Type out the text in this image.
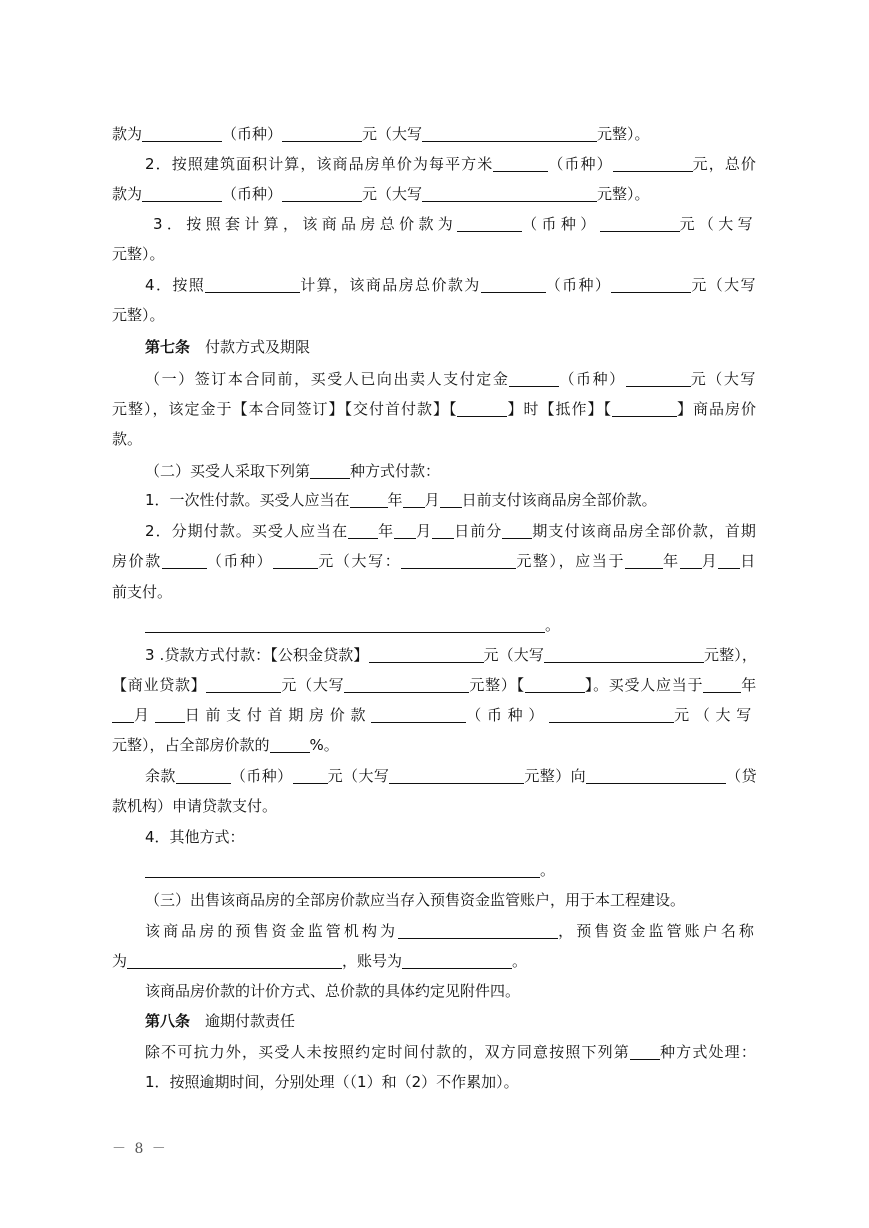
款为	（币种）	元（大写	元整）。
2．按照建筑面积计算，该商品房单价为每平方米	（币种）	元，总价
款为	（币种）	元（大写	元整）。
3．按照套计算，该商品房总价款为	（币种）	元（大写
元整）。
4．按照	计算，该商品房总价款为	（币种）	元（大写
元整）。
第七条　付款方式及期限
（一）签订本合同前，买受人已向出卖人支付定金	（币种）	元（大写
元整），该定金于【本合同签订】【交付首付款】【	】时【抵作】【	】商品房价
款。
（二）买受人采取下列第	种方式付款：
1．一次性付款。买受人应当在	年 月 日前支付该商品房全部价款。
2．分期付款。买受人应当在 年 月 日前分 期支付该商品房全部价款，首期
房价款	（币种）	元（大写：	元整），应当于	年 月 日
前支付。
。
3 .贷款方式付款：【公积金贷款】	元（大写	元整），
【商业贷款】	元（大写	元整）【	】。买受人应当于	年
月 日前支付首期房价款	（币种）	元（大写
元整），占全部房价款的	%。
余款	（币种） 元（大写	元整）向	（贷
款机构）申请贷款支付。
4．其他方式：
。
（三）出售该商品房的全部房价款应当存入预售资金监管账户，用于本工程建设。
该商品房的预售资金监管机构为	，预售资金监管账户名称
为	，账号为	。
该商品房价款的计价方式、总价款的具体约定见附件四。
第八条　逾期付款责任
除不可抗力外，买受人未按照约定时间付款的，双方同意按照下列第 种方式处理：
1．按照逾期时间，分别处理（（1）和（2）不作累加）。
－ 8 －
